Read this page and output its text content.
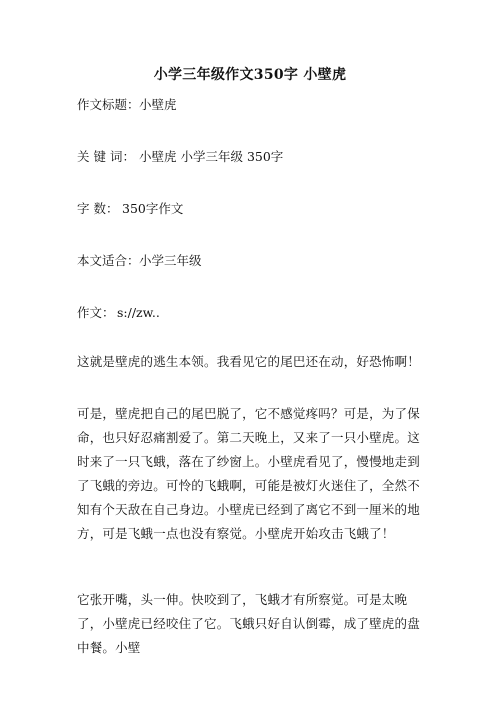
小学三年级作文350字 小壁虎
作文标题：小壁虎
关 键 词： 小壁虎 小学三年级 350字
字 数： 350字作文
本文适合：小学三年级
作文： s://zw..
这就是壁虎的逃生本领。我看见它的尾巴还在动，好恐怖啊！
可是，壁虎把自己的尾巴脱了，它不感觉疼吗？可是，为了保命，也只好忍痛割爱了。第二天晚上，又来了一只小壁虎。这时来了一只飞蛾，落在了纱窗上。小壁虎看见了，慢慢地走到了飞蛾的旁边。可怜的飞蛾啊，可能是被灯火迷住了，全然不知有个天敌在自己身边。小壁虎已经到了离它不到一厘米的地方，可是飞蛾一点也没有察觉。小壁虎开始攻击飞蛾了！
它张开嘴，头一伸。快咬到了，飞蛾才有所察觉。可是太晚了，小壁虎已经咬住了它。飞蛾只好自认倒霉，成了壁虎的盘中餐。小壁
